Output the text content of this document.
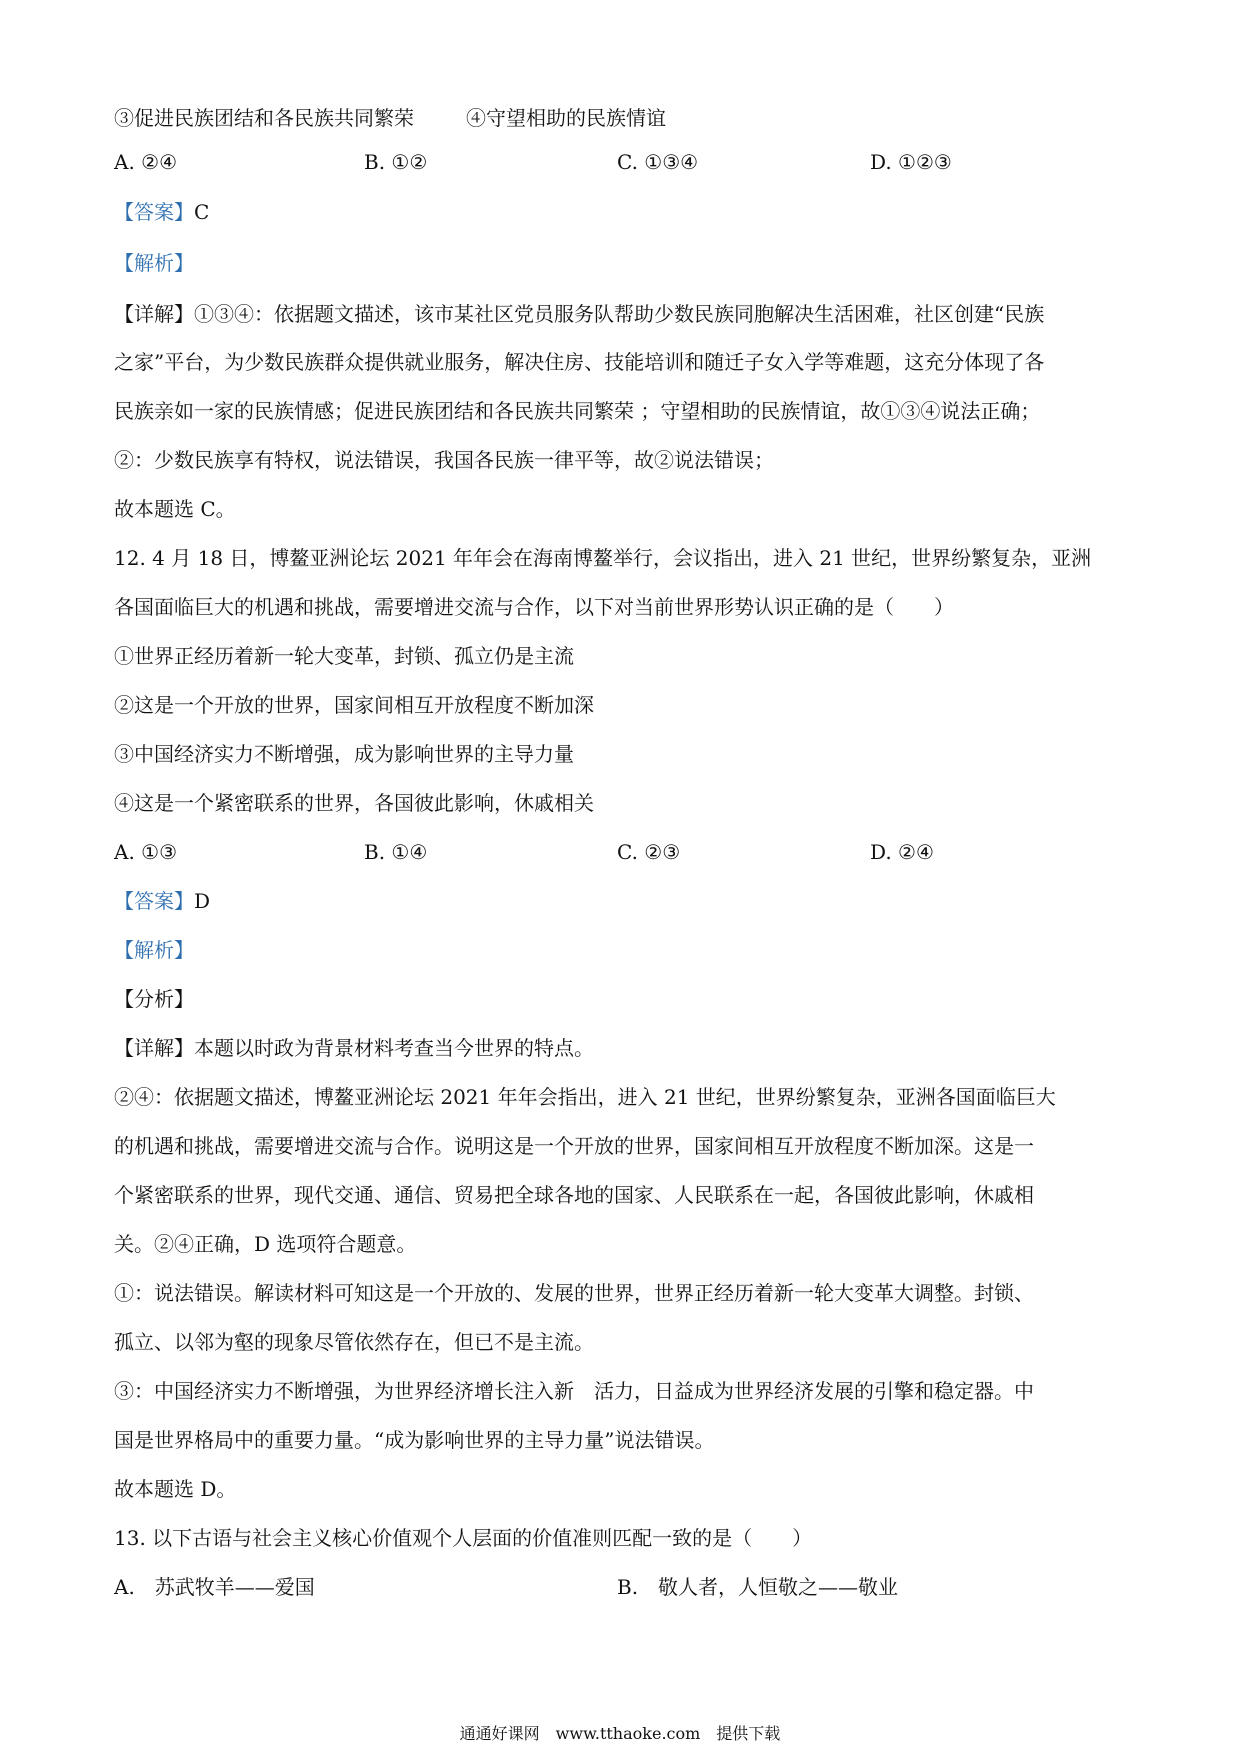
③促进民族团结和各民族共同繁荣	④守望相助的民族情谊
A. ②④	B. ①②	C. ①③④	D. ①②③
【答案】C
【解析】
【详解】①③④：依据题文描述，该市某社区党员服务队帮助少数民族同胞解决生活困难，社区创建“民族
之家”平台，为少数民族群众提供就业服务，解决住房、技能培训和随迁子女入学等难题，这充分体现了各
民族亲如一家的民族情感；促进民族团结和各民族共同繁荣 ；守望相助的民族情谊，故①③④说法正确；
②：少数民族享有特权，说法错误，我国各民族一律平等，故②说法错误；
故本题选 C。
12. 4 月 18 日，博鳌亚洲论坛 2021 年年会在海南博鳌举行，会议指出，进入 21 世纪，世界纷繁复杂，亚洲
各国面临巨大的机遇和挑战，需要增进交流与合作，以下对当前世界形势认识正确的是（　　）
①世界正经历着新一轮大变革，封锁、孤立仍是主流
②这是一个开放的世界，国家间相互开放程度不断加深
③中国经济实力不断增强，成为影响世界的主导力量
④这是一个紧密联系的世界，各国彼此影响，休戚相关
A. ①③	B. ①④	C. ②③	D. ②④
【答案】D
【解析】
【分析】
【详解】本题以时政为背景材料考查当今世界的特点。
②④：依据题文描述，博鳌亚洲论坛 2021 年年会指出，进入 21 世纪，世界纷繁复杂，亚洲各国面临巨大
的机遇和挑战，需要增进交流与合作。说明这是一个开放的世界，国家间相互开放程度不断加深。这是一
个紧密联系的世界，现代交通、通信、贸易把全球各地的国家、人民联系在一起，各国彼此影响，休戚相
关。②④正确，D 选项符合题意。
①：说法错误。解读材料可知这是一个开放的、发展的世界，世界正经历着新一轮大变革大调整。封锁、
孤立、以邻为壑的现象尽管依然存在，但已不是主流。
③：中国经济实力不断增强，为世界经济增长注入新　活力，日益成为世界经济发展的引擎和稳定器。中
国是世界格局中的重要力量。“成为影响世界的主导力量”说法错误。
故本题选 D。
13. 以下古语与社会主义核心价值观个人层面的价值准则匹配一致的是（　　）
A.　苏武牧羊——爱国	B.　敬人者，人恒敬之——敬业
通通好课网　www.tthaoke.com　提供下载
